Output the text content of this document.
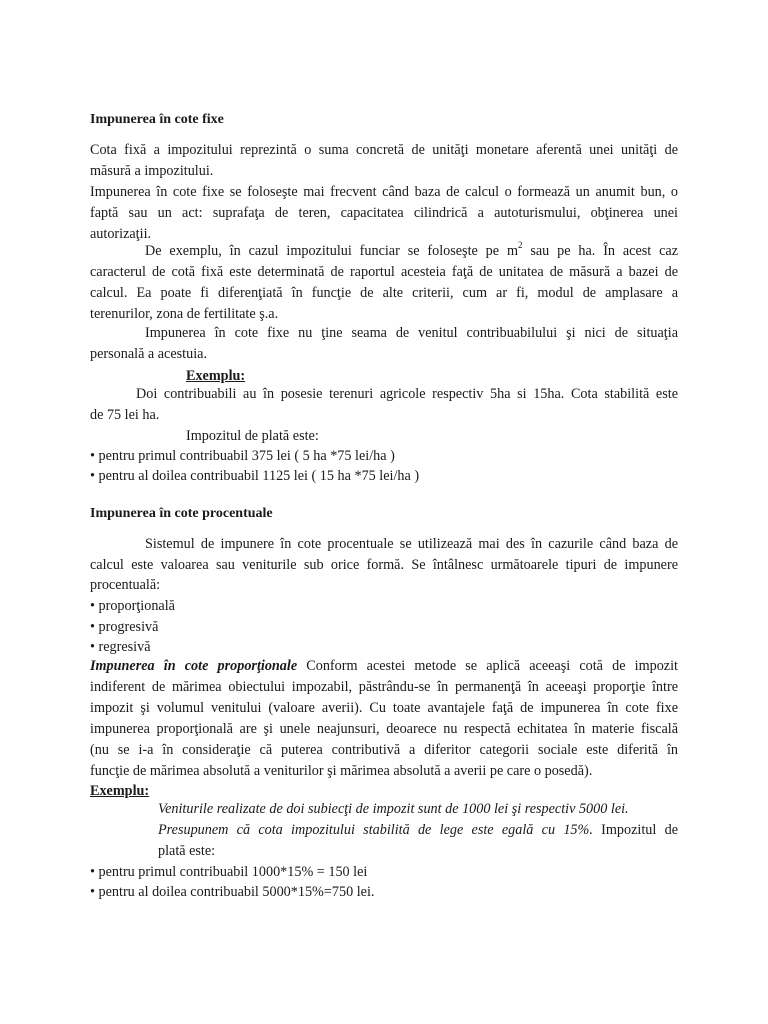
Impunerea în cote fixe
Cota fixă a impozitului reprezintă o suma concretă de unităţi monetare aferentă unei unităţi de
măsură a impozitului.
Impunerea în cote fixe se foloseşte mai frecvent când baza de calcul o formează un anumit bun, o
faptă sau un act: suprafaţa de teren, capacitatea cilindrică a autoturismului, obţinerea unei
autorizaţii.
De exemplu, în cazul impozitului funciar se foloseşte pe $m^2$ sau pe ha. În acest caz
caracterul de cotă fixă este determinată de raportul acesteia faţă de unitatea de măsură a bazei de
calcul. Ea poate fi diferenţiată în funcţie de alte criterii, cum ar fi, modul de amplasare a
terenurilor, zona de fertilitate ş.a.
Impunerea în cote fixe nu ţine seama de venitul contribuabilului şi nici de situaţia
personală a acestuia.
Exemplu:
Doi contribuabili au în posesie terenuri agricole respectiv 5ha si 15ha. Cota stabilită este
de 75 lei ha.
Impozitul de plată este:
• pentru primul contribuabil 375 lei ( 5 ha *75 lei/ha )
• pentru al doilea contribuabil 1125 lei ( 15 ha *75 lei/ha )
Impunerea în cote procentuale
Sistemul de impunere în cote procentuale se utilizează mai des în cazurile când baza de
calcul este valoarea sau veniturile sub orice formă. Se întâlnesc următoarele tipuri de impunere
procentuală:
• proporţională
• progresivă
• regresivă
Impunerea în cote proporţionale Conform acestei metode se aplică aceeaşi cotă de impozit
indiferent de mărimea obiectului impozabil, păstrându-se în permanenţă în aceeaşi proporţie între
impozit şi volumul venitului (valoare averii). Cu toate avantajele faţă de impunerea în cote fixe
impunerea proporţională are şi unele neajunsuri, deoarece nu respectă echitatea în materie fiscală
(nu se i-a în consideraţie că puterea contributivă a diferitor categorii sociale este diferită în
funcţie de mărimea absolută a veniturilor şi mărimea absolută a averii pe care o posedă).
Exemplu:
Veniturile realizate de doi subiecţi de impozit sunt de 1000 lei şi respectiv 5000 lei.
Presupunem că cota impozitului stabilită de lege este egală cu 15%. Impozitul de
plată este:
• pentru primul contribuabil 1000*15% = 150 lei
• pentru al doilea contribuabil 5000*15%=750 lei.
